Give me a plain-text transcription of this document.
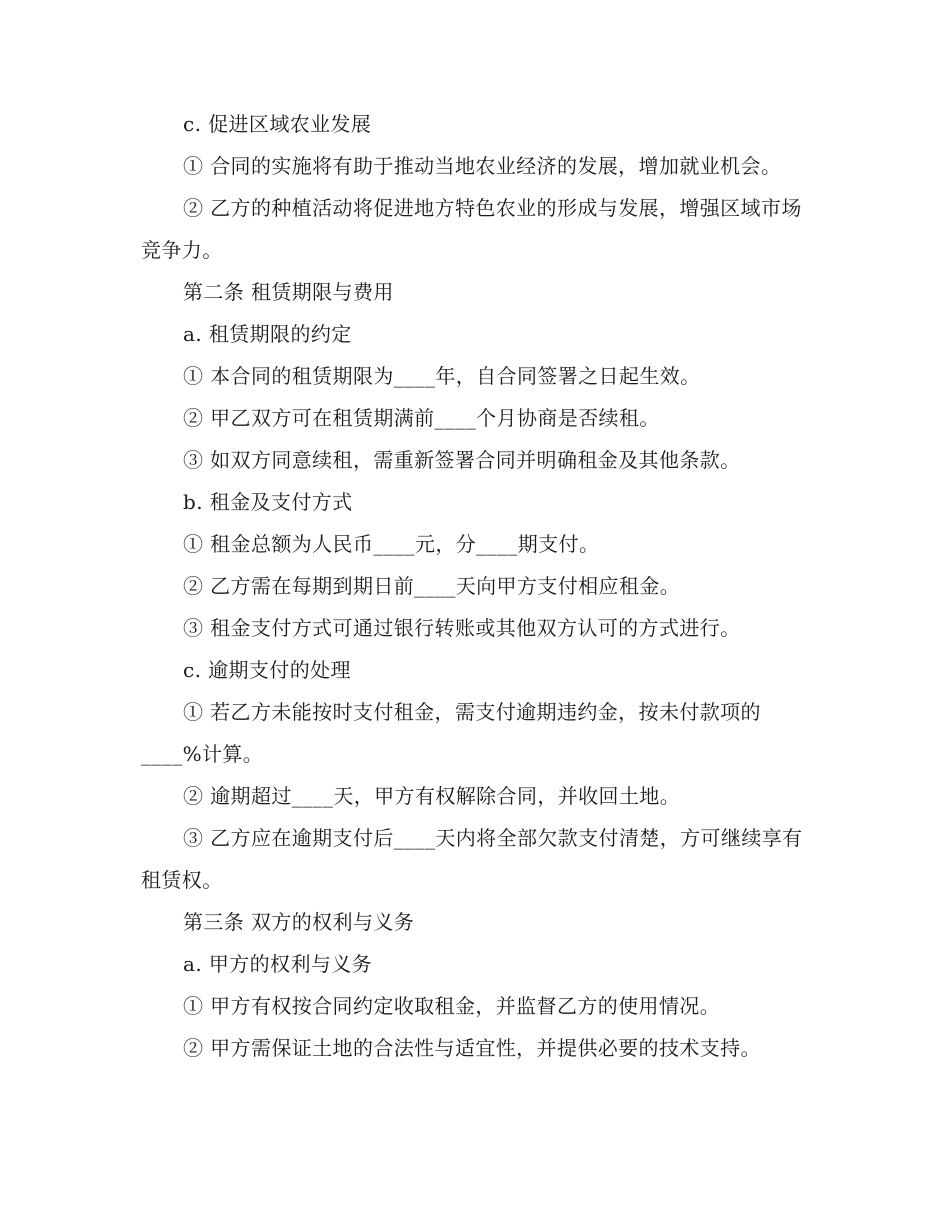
c. 促进区域农业发展

① 合同的实施将有助于推动当地农业经济的发展，增加就业机会。

② 乙方的种植活动将促进地方特色农业的形成与发展，增强区域市场竞争力。

第二条 租赁期限与费用

a. 租赁期限的约定

① 本合同的租赁期限为____年，自合同签署之日起生效。

② 甲乙双方可在租赁期满前____个月协商是否续租。

③ 如双方同意续租，需重新签署合同并明确租金及其他条款。

b. 租金及支付方式

① 租金总额为人民币____元，分____期支付。

② 乙方需在每期到期日前____天向甲方支付相应租金。

③ 租金支付方式可通过银行转账或其他双方认可的方式进行。

c. 逾期支付的处理

① 若乙方未能按时支付租金，需支付逾期违约金，按未付款项的____%计算。

② 逾期超过____天，甲方有权解除合同，并收回土地。

③ 乙方应在逾期支付后____天内将全部欠款支付清楚，方可继续享有租赁权。

第三条 双方的权利与义务

a. 甲方的权利与义务

① 甲方有权按合同约定收取租金，并监督乙方的使用情况。

② 甲方需保证土地的合法性与适宜性，并提供必要的技术支持。
